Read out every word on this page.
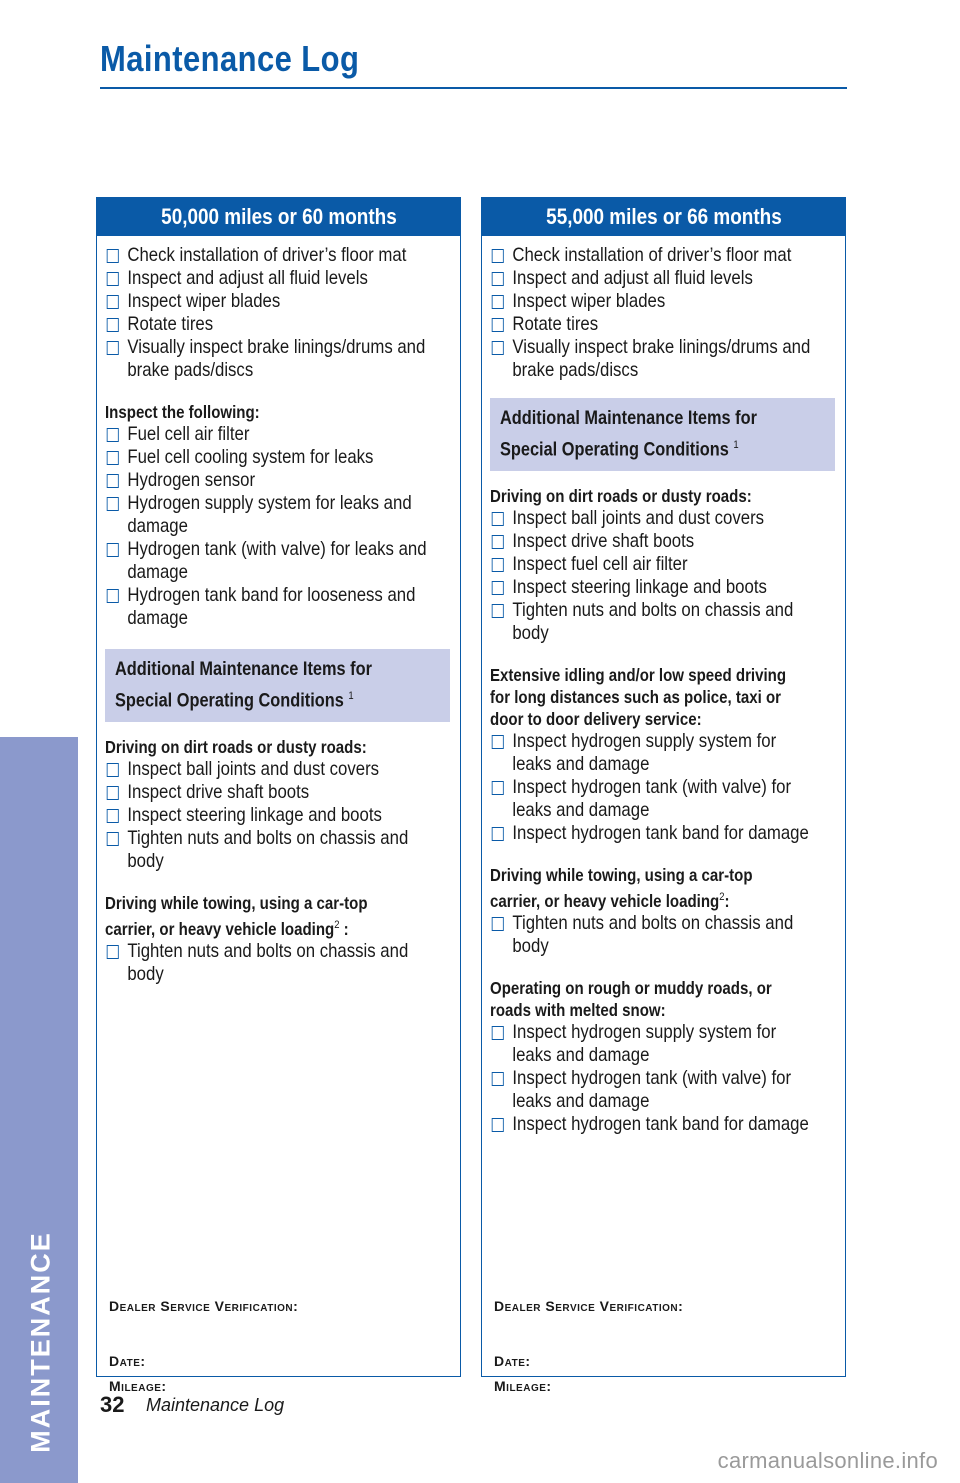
Maintenance Log
MAINTENANCE
50,000 miles or 60 months
Check installation of driver’s floor mat
Inspect and adjust all fluid levels
Inspect wiper blades
Rotate tires
Visually inspect brake linings/drums and
brake pads/discs
Inspect the following:
Fuel cell air filter
Fuel cell cooling system for leaks
Hydrogen sensor
Hydrogen supply system for leaks and
damage
Hydrogen tank (with valve) for leaks and
damage
Hydrogen tank band for looseness and
damage
Additional Maintenance Items for
Special Operating Conditions $^1$
Driving on dirt roads or dusty roads:
Inspect ball joints and dust covers
Inspect drive shaft boots
Inspect steering linkage and boots
Tighten nuts and bolts on chassis and
body
Driving while towing, using a car-top
carrier, or heavy vehicle loading$^2$ :
Tighten nuts and bolts on chassis and
body
Dealer Service Verification:
Date:
Mileage:
55,000 miles or 66 months
Check installation of driver’s floor mat
Inspect and adjust all fluid levels
Inspect wiper blades
Rotate tires
Visually inspect brake linings/drums and
brake pads/discs
Additional Maintenance Items for
Special Operating Conditions $^1$
Driving on dirt roads or dusty roads:
Inspect ball joints and dust covers
Inspect drive shaft boots
Inspect fuel cell air filter
Inspect steering linkage and boots
Tighten nuts and bolts on chassis and
body
Extensive idling and/or low speed driving
for long distances such as police, taxi or
door to door delivery service:
Inspect hydrogen supply system for
leaks and damage
Inspect hydrogen tank (with valve) for
leaks and damage
Inspect hydrogen tank band for damage
Driving while towing, using a car-top
carrier, or heavy vehicle loading$^2$:
Tighten nuts and bolts on chassis and
body
Operating on rough or muddy roads, or
roads with melted snow:
Inspect hydrogen supply system for
leaks and damage
Inspect hydrogen tank (with valve) for
leaks and damage
Inspect hydrogen tank band for damage
Dealer Service Verification:
Date:
Mileage:
32 Maintenance Log
carmanualsonline.info
